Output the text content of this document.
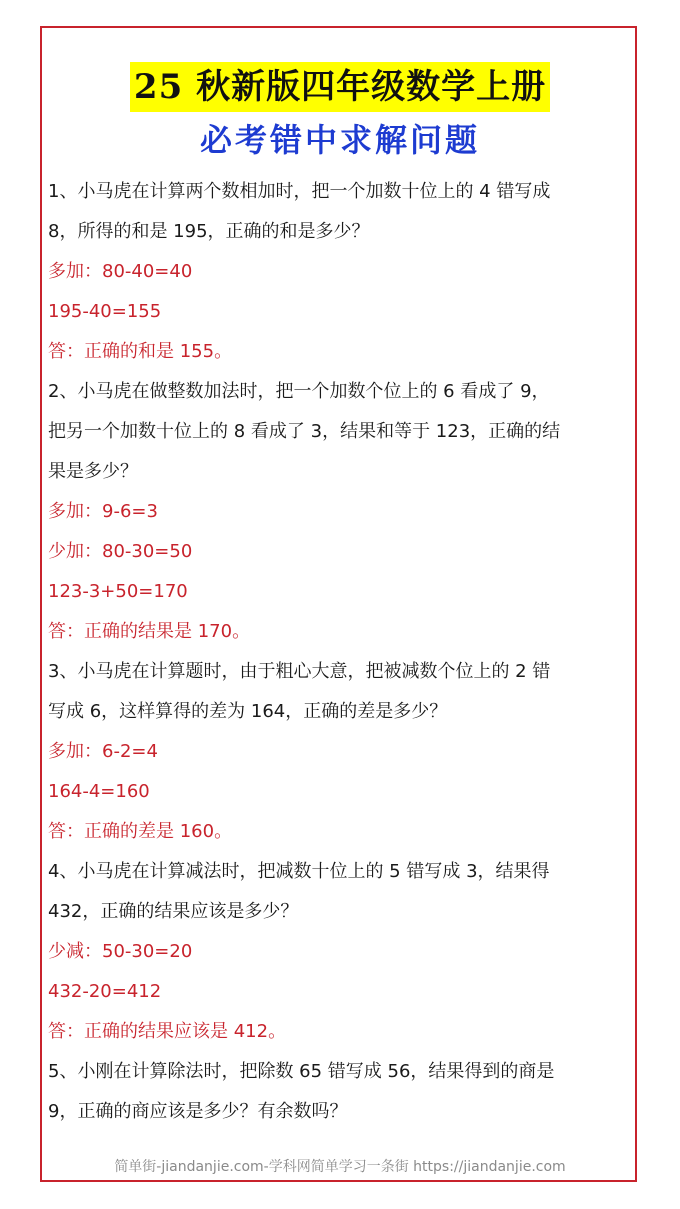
25 秋新版四年级数学上册
必考错中求解问题
1、小马虎在计算两个数相加时，把一个加数十位上的 4 错写成
8，所得的和是 195，正确的和是多少？
多加：80-40=40
195-40=155
答：正确的和是 155。
2、小马虎在做整数加法时，把一个加数个位上的 6 看成了 9，
把另一个加数十位上的 8 看成了 3，结果和等于 123，正确的结
果是多少？
多加：9-6=3
少加：80-30=50
123-3+50=170
答：正确的结果是 170。
3、小马虎在计算题时，由于粗心大意，把被减数个位上的 2 错
写成 6，这样算得的差为 164，正确的差是多少？
多加：6-2=4
164-4=160
答：正确的差是 160。
4、小马虎在计算减法时，把减数十位上的 5 错写成 3，结果得
432，正确的结果应该是多少？
少减：50-30=20
432-20=412
答：正确的结果应该是 412。
5、小刚在计算除法时，把除数 65 错写成 56，结果得到的商是
9，正确的商应该是多少？有余数吗？
简单街-jiandanjie.com-学科网简单学习一条街 https://jiandanjie.com
